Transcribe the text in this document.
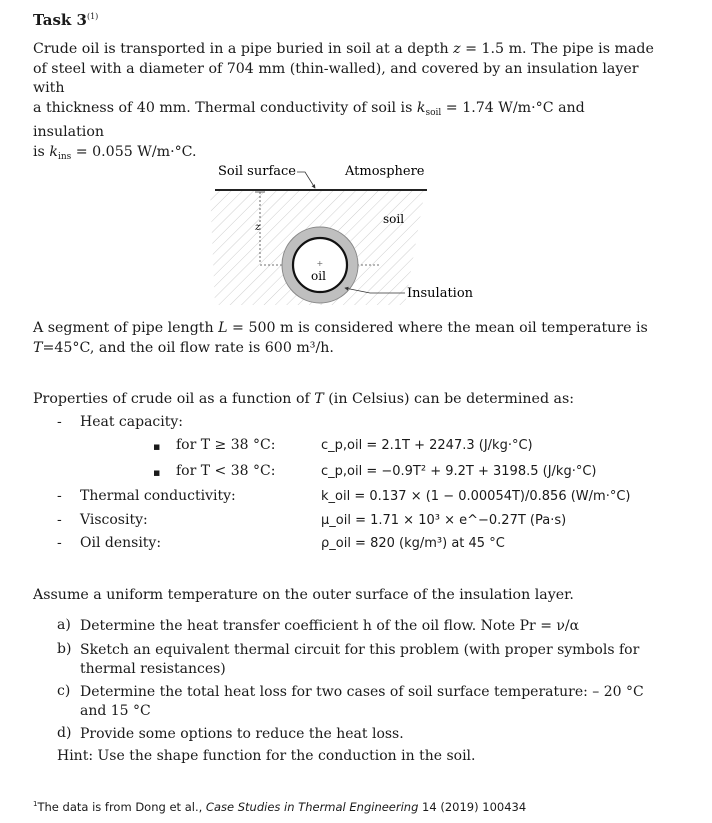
Task 3$^{(1)}$
Crude oil is transported in a pipe buried in soil at a depth z = 1.5 m. The pipe is made
of steel with a diameter of 704 mm (thin-walled), and covered by an insulation layer with
a thickness of 40 mm. Thermal conductivity of soil is $k_{soil} = 1.74$ W/m·°C and insulation
is $k_{ins} = 0.055$ W/m·°C.
Soil surface	Atmosphere
soil
z
+
oil
Insulation
A segment of pipe length L = 500 m is considered where the mean oil temperature is
T=45°C, and the oil flow rate is 600 m³/h.
Properties of crude oil as a function of T (in Celsius) can be determined as:
- Heat capacity:
▪ for T ≥ 38 °C:	c_p,oil = 2.1T + 2247.3 (J/kg·°C)
▪ for T < 38 °C:	c_p,oil = −0.9T² + 9.2T + 3198.5 (J/kg·°C)
- Thermal conductivity:	k_oil = 0.137 × (1 − 0.00054T)/0.856 (W/m·°C)
- Viscosity:	μ_oil = 1.71 × 10³ × e^−0.27T (Pa·s)
- Oil density:	ρ_oil = 820 (kg/m³) at 45 °C
Assume a uniform temperature on the outer surface of the insulation layer.
a) Determine the heat transfer coefficient h of the oil flow. Note Pr = ν/α
b) Sketch an equivalent thermal circuit for this problem (with proper symbols for thermal resistances)
c) Determine the total heat loss for two cases of soil surface temperature: – 20 °C and 15 °C
d) Provide some options to reduce the heat loss.
Hint: Use the shape function for the conduction in the soil.
$^1$The data is from Dong et al., Case Studies in Thermal Engineering 14 (2019) 100434
